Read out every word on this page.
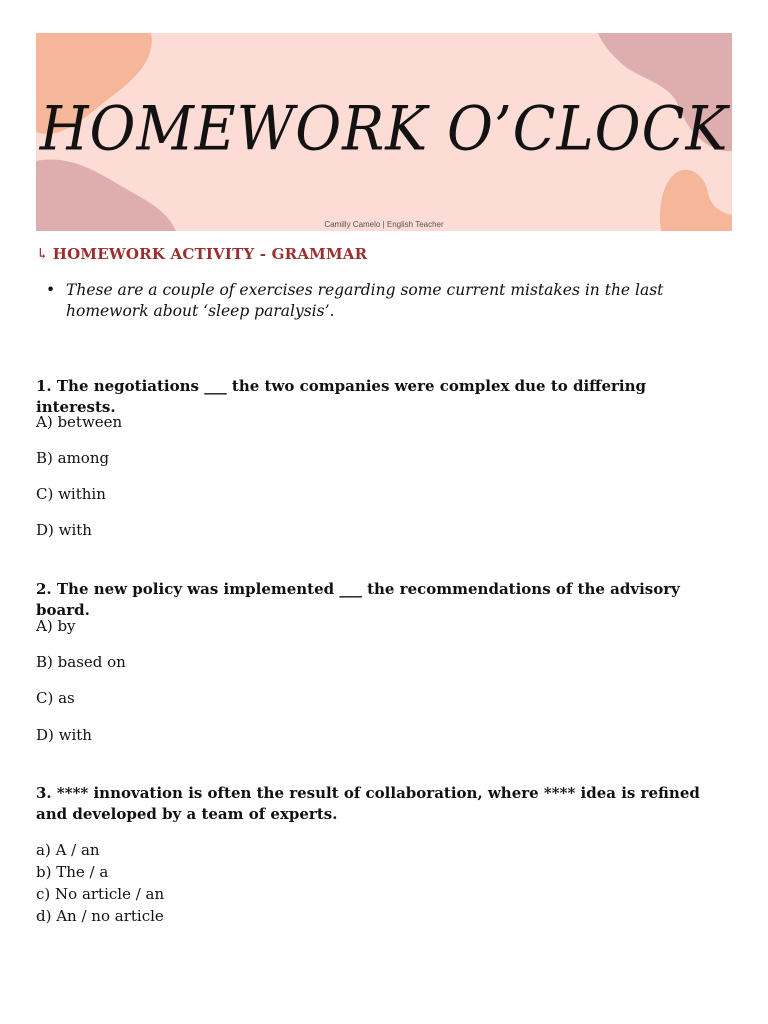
HOMEWORK O’CLOCK
Camilly Camelo | English Teacher
↳ HOMEWORK ACTIVITY - GRAMMAR
• These are a couple of exercises regarding some current mistakes in the last homework about ‘sleep paralysis’.
1. The negotiations ___ the two companies were complex due to differing interests.
A) between
B) among
C) within
D) with
2. The new policy was implemented ___ the recommendations of the advisory board.
A) by
B) based on
C) as
D) with
3. **** innovation is often the result of collaboration, where **** idea is refined and developed by a team of experts.
a) A / an
b) The / a
c) No article / an
d) An / no article
